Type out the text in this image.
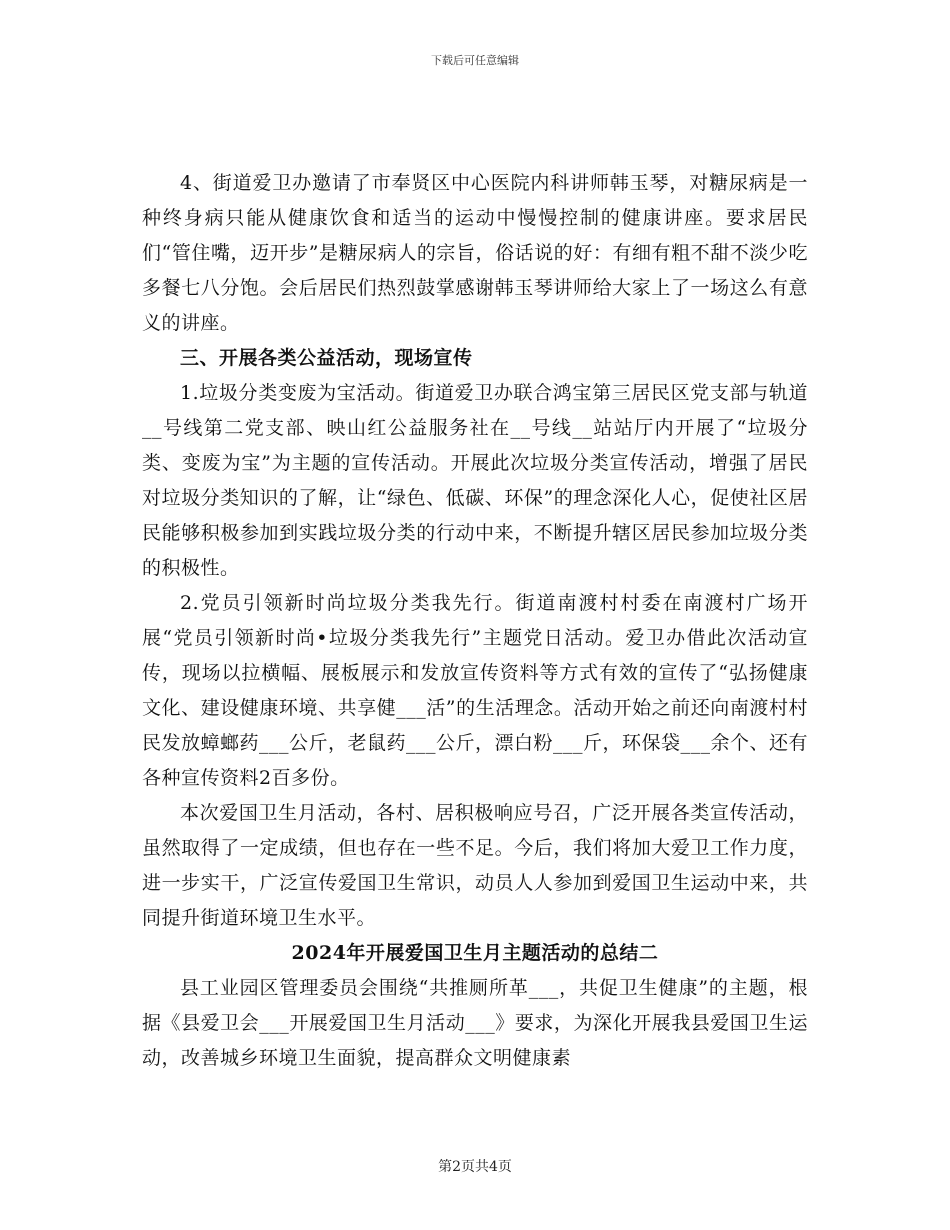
下载后可任意编辑

4、街道爱卫办邀请了市奉贤区中心医院内科讲师韩玉琴，对糖尿病是一种终身病只能从健康饮食和适当的运动中慢慢控制的健康讲座。要求居民们“管住嘴，迈开步”是糖尿病人的宗旨，俗话说的好：有细有粗不甜不淡少吃多餐七八分饱。会后居民们热烈鼓掌感谢韩玉琴讲师给大家上了一场这么有意义的讲座。

三、开展各类公益活动，现场宣传

1.垃圾分类变废为宝活动。街道爱卫办联合鸿宝第三居民区党支部与轨道__号线第二党支部、映山红公益服务社在__号线__站站厅内开展了“垃圾分类、变废为宝”为主题的宣传活动。开展此次垃圾分类宣传活动，增强了居民对垃圾分类知识的了解，让“绿色、低碳、环保”的理念深化人心，促使社区居民能够积极参加到实践垃圾分类的行动中来，不断提升辖区居民参加垃圾分类的积极性。

2.党员引领新时尚垃圾分类我先行。街道南渡村村委在南渡村广场开展“党员引领新时尚•垃圾分类我先行”主题党日活动。爱卫办借此次活动宣传，现场以拉横幅、展板展示和发放宣传资料等方式有效的宣传了“弘扬健康文化、建设健康环境、共享健___活”的生活理念。活动开始之前还向南渡村村民发放蟑螂药___公斤，老鼠药___公斤，漂白粉___斤，环保袋___余个、还有各种宣传资料2百多份。

本次爱国卫生月活动，各村、居积极响应号召，广泛开展各类宣传活动，虽然取得了一定成绩，但也存在一些不足。今后，我们将加大爱卫工作力度，进一步实干，广泛宣传爱国卫生常识，动员人人参加到爱国卫生运动中来，共同提升街道环境卫生水平。

2024年开展爱国卫生月主题活动的总结二

县工业园区管理委员会围绕“共推厕所革___，共促卫生健康”的主题，根据《县爱卫会___开展爱国卫生月活动___》要求，为深化开展我县爱国卫生运动，改善城乡环境卫生面貌，提高群众文明健康素

第2页共4页
